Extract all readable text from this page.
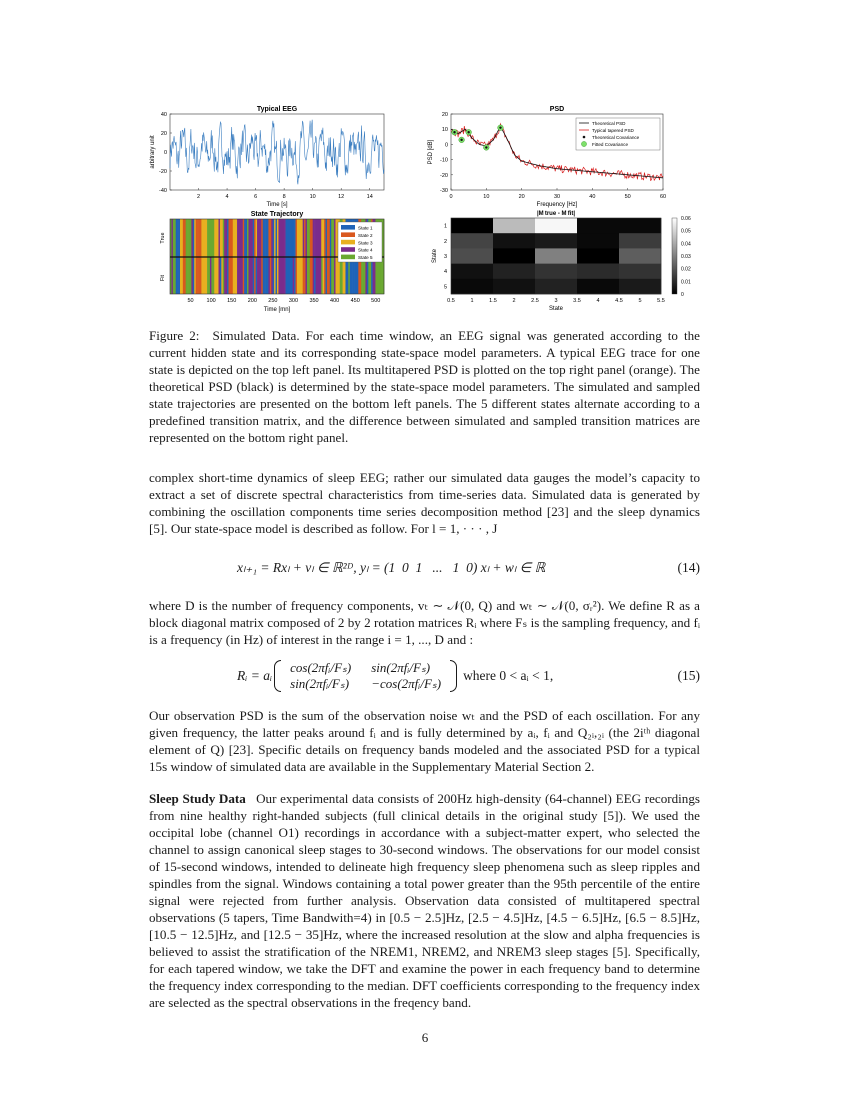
Typical EEG
40
20
0
-20
-40
2	4	6	8	10	12	14
arbitrary unit
Time [s]
PSD
20
10
0
-10
-20
-30
0	10	20	30	40	50	60
PSD [dB]
Frequency [Hz]
Theoretical PSD
Typical tapered PSD
Theoretical Covariance
Fitted Covariance
State Trajectory
True
Fit
50 100 150 200 250 300 350 400 450 500
Time [mn]
State 1
State 2
State 3
State 4
State 5
|M true - M fit|
0.5	1	1.5	2	2.5	3	3.5	4	4.5	5	5.5
1
2
3
4
5
State
State
0.06
0.05
0.04
0.03
0.02
0.01
0

Figure 2: Simulated Data. For each time window, an EEG signal was generated according to the current hidden state and its corresponding state-space model parameters. A typical EEG trace for one state is depicted on the top left panel. Its multitapered PSD is plotted on the top right panel (orange). The theoretical PSD (black) is determined by the state-space model parameters. The simulated and sampled state trajectories are presented on the bottom left panels. The 5 different states alternate according to a predefined transition matrix, and the difference between simulated and sampled transition matrices are represented on the bottom right panel.

complex short-time dynamics of sleep EEG; rather our simulated data gauges the model’s capacity to extract a set of discrete spectral characteristics from time-series data. Simulated data is generated by combining the oscillation components time series decomposition method [23] and the sleep dynamics [5]. Our state-space model is described as follow. For l = 1, · · · , J

xₗ₊₁ = Rxₗ + vₗ ∈ ℝ²ᴰ, yₗ = (1 0 1  ...  1 0) xₗ + wₗ ∈ ℝ	(14)

where D is the number of frequency components, vₜ ∼ 𝒩(0, Q) and wₜ ∼ 𝒩(0, σᵣ²). We define R as a block diagonal matrix composed of 2 by 2 rotation matrices Rᵢ where Fₛ is the sampling frequency, and fᵢ is a frequency (in Hz) of interest in the range i = 1, ..., D and :

Rᵢ = aᵢ
cos(2πfᵢ/Fₛ)	sin(2πfᵢ/Fₛ)
sin(2πfᵢ/Fₛ)	−cos(2πfᵢ/Fₛ)
where 0 < aᵢ < 1,	(15)

Our observation PSD is the sum of the observation noise wₜ and the PSD of each oscillation. For any given frequency, the latter peaks around fᵢ and is fully determined by aᵢ, fᵢ and Q₂ᵢ,₂ᵢ (the 2iᵗʰ diagonal element of Q) [23]. Specific details on frequency bands modeled and the associated PSD for a typical 15s window of simulated data are available in the Supplementary Material Section 2.

Sleep Study Data  Our experimental data consists of 200Hz high-density (64-channel) EEG recordings from nine healthy right-handed subjects (full clinical details in the original study [5]). We used the occipital lobe (channel O1) recordings in accordance with a subject-matter expert, who selected the channel to assign canonical sleep stages to 30-second windows. The observations for our model consist of 15-second windows, intended to delineate high frequency sleep phenomena such as sleep ripples and spindles from the signal. Windows containing a total power greater than the 95th percentile of the entire signal were rejected from further analysis. Observation data consisted of multitapered spectral observations (5 tapers, Time Bandwith=4) in [0.5 − 2.5]Hz, [2.5 − 4.5]Hz, [4.5 − 6.5]Hz, [6.5 − 8.5]Hz, [10.5 − 12.5]Hz, and [12.5 − 35]Hz, where the increased resolution at the slow and alpha frequencies is believed to assist the stratification of the NREM1, NREM2, and NREM3 sleep stages [5]. Specifically, for each tapered window, we take the DFT and examine the power in each frequency band to determine the frequency index corresponding to the median. DFT coefficients corresponding to the frequency index are selected as the spectral observations in the freqency band.

6
